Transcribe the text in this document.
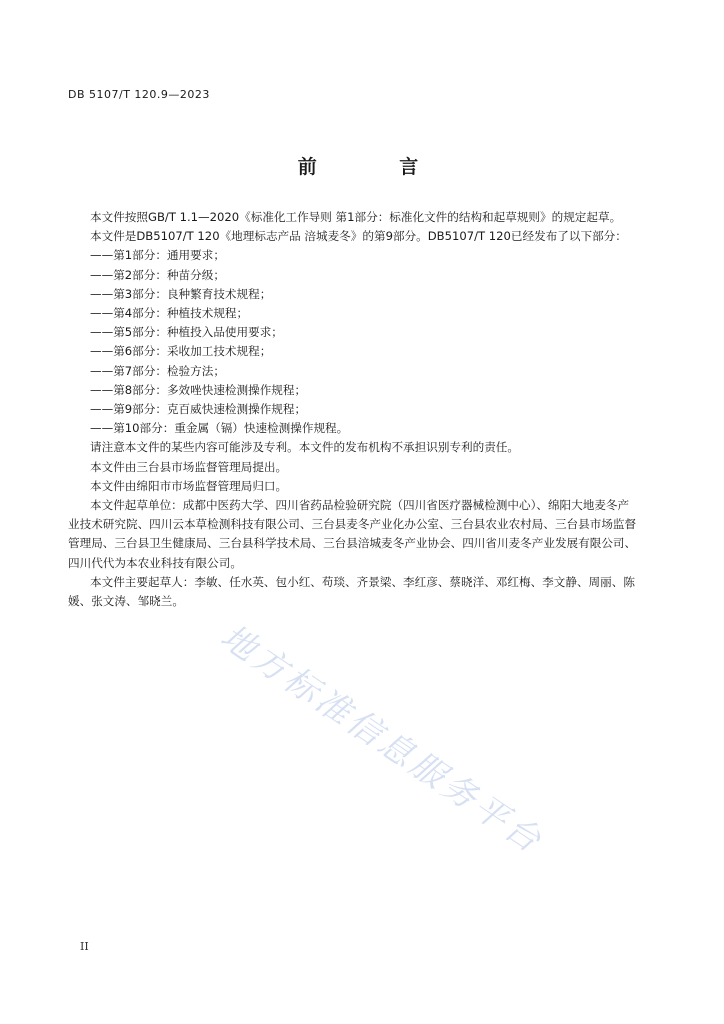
DB 5107/T 120.9—2023
前 言

本文件按照GB/T 1.1—2020《标准化工作导则 第1部分：标准化文件的结构和起草规则》的规定起草。

本文件是DB5107/T 120《地理标志产品 涪城麦冬》的第9部分。DB5107/T 120已经发布了以下部分：

——第1部分：通用要求；

——第2部分：种苗分级；

——第3部分：良种繁育技术规程；

——第4部分：种植技术规程；

——第5部分：种植投入品使用要求；

——第6部分：采收加工技术规程；

——第7部分：检验方法；

——第8部分：多效唑快速检测操作规程；

——第9部分：克百威快速检测操作规程；

——第10部分：重金属（镉）快速检测操作规程。

请注意本文件的某些内容可能涉及专利。本文件的发布机构不承担识别专利的责任。

本文件由三台县市场监督管理局提出。

本文件由绵阳市市场监督管理局归口。

本文件起草单位：成都中医药大学、四川省药品检验研究院（四川省医疗器械检测中心）、绵阳大地麦冬产业技术研究院、四川云本草检测科技有限公司、三台县麦冬产业化办公室、三台县农业农村局、三台县市场监督管理局、三台县卫生健康局、三台县科学技术局、三台县涪城麦冬产业协会、四川省川麦冬产业发展有限公司、四川代代为本农业科技有限公司。

本文件主要起草人：李敏、任水英、包小红、苟琰、齐景梁、李红彦、蔡晓洋、邓红梅、李文静、周丽、陈媛、张文涛、邹晓兰。

地方标准信息服务平台
II
